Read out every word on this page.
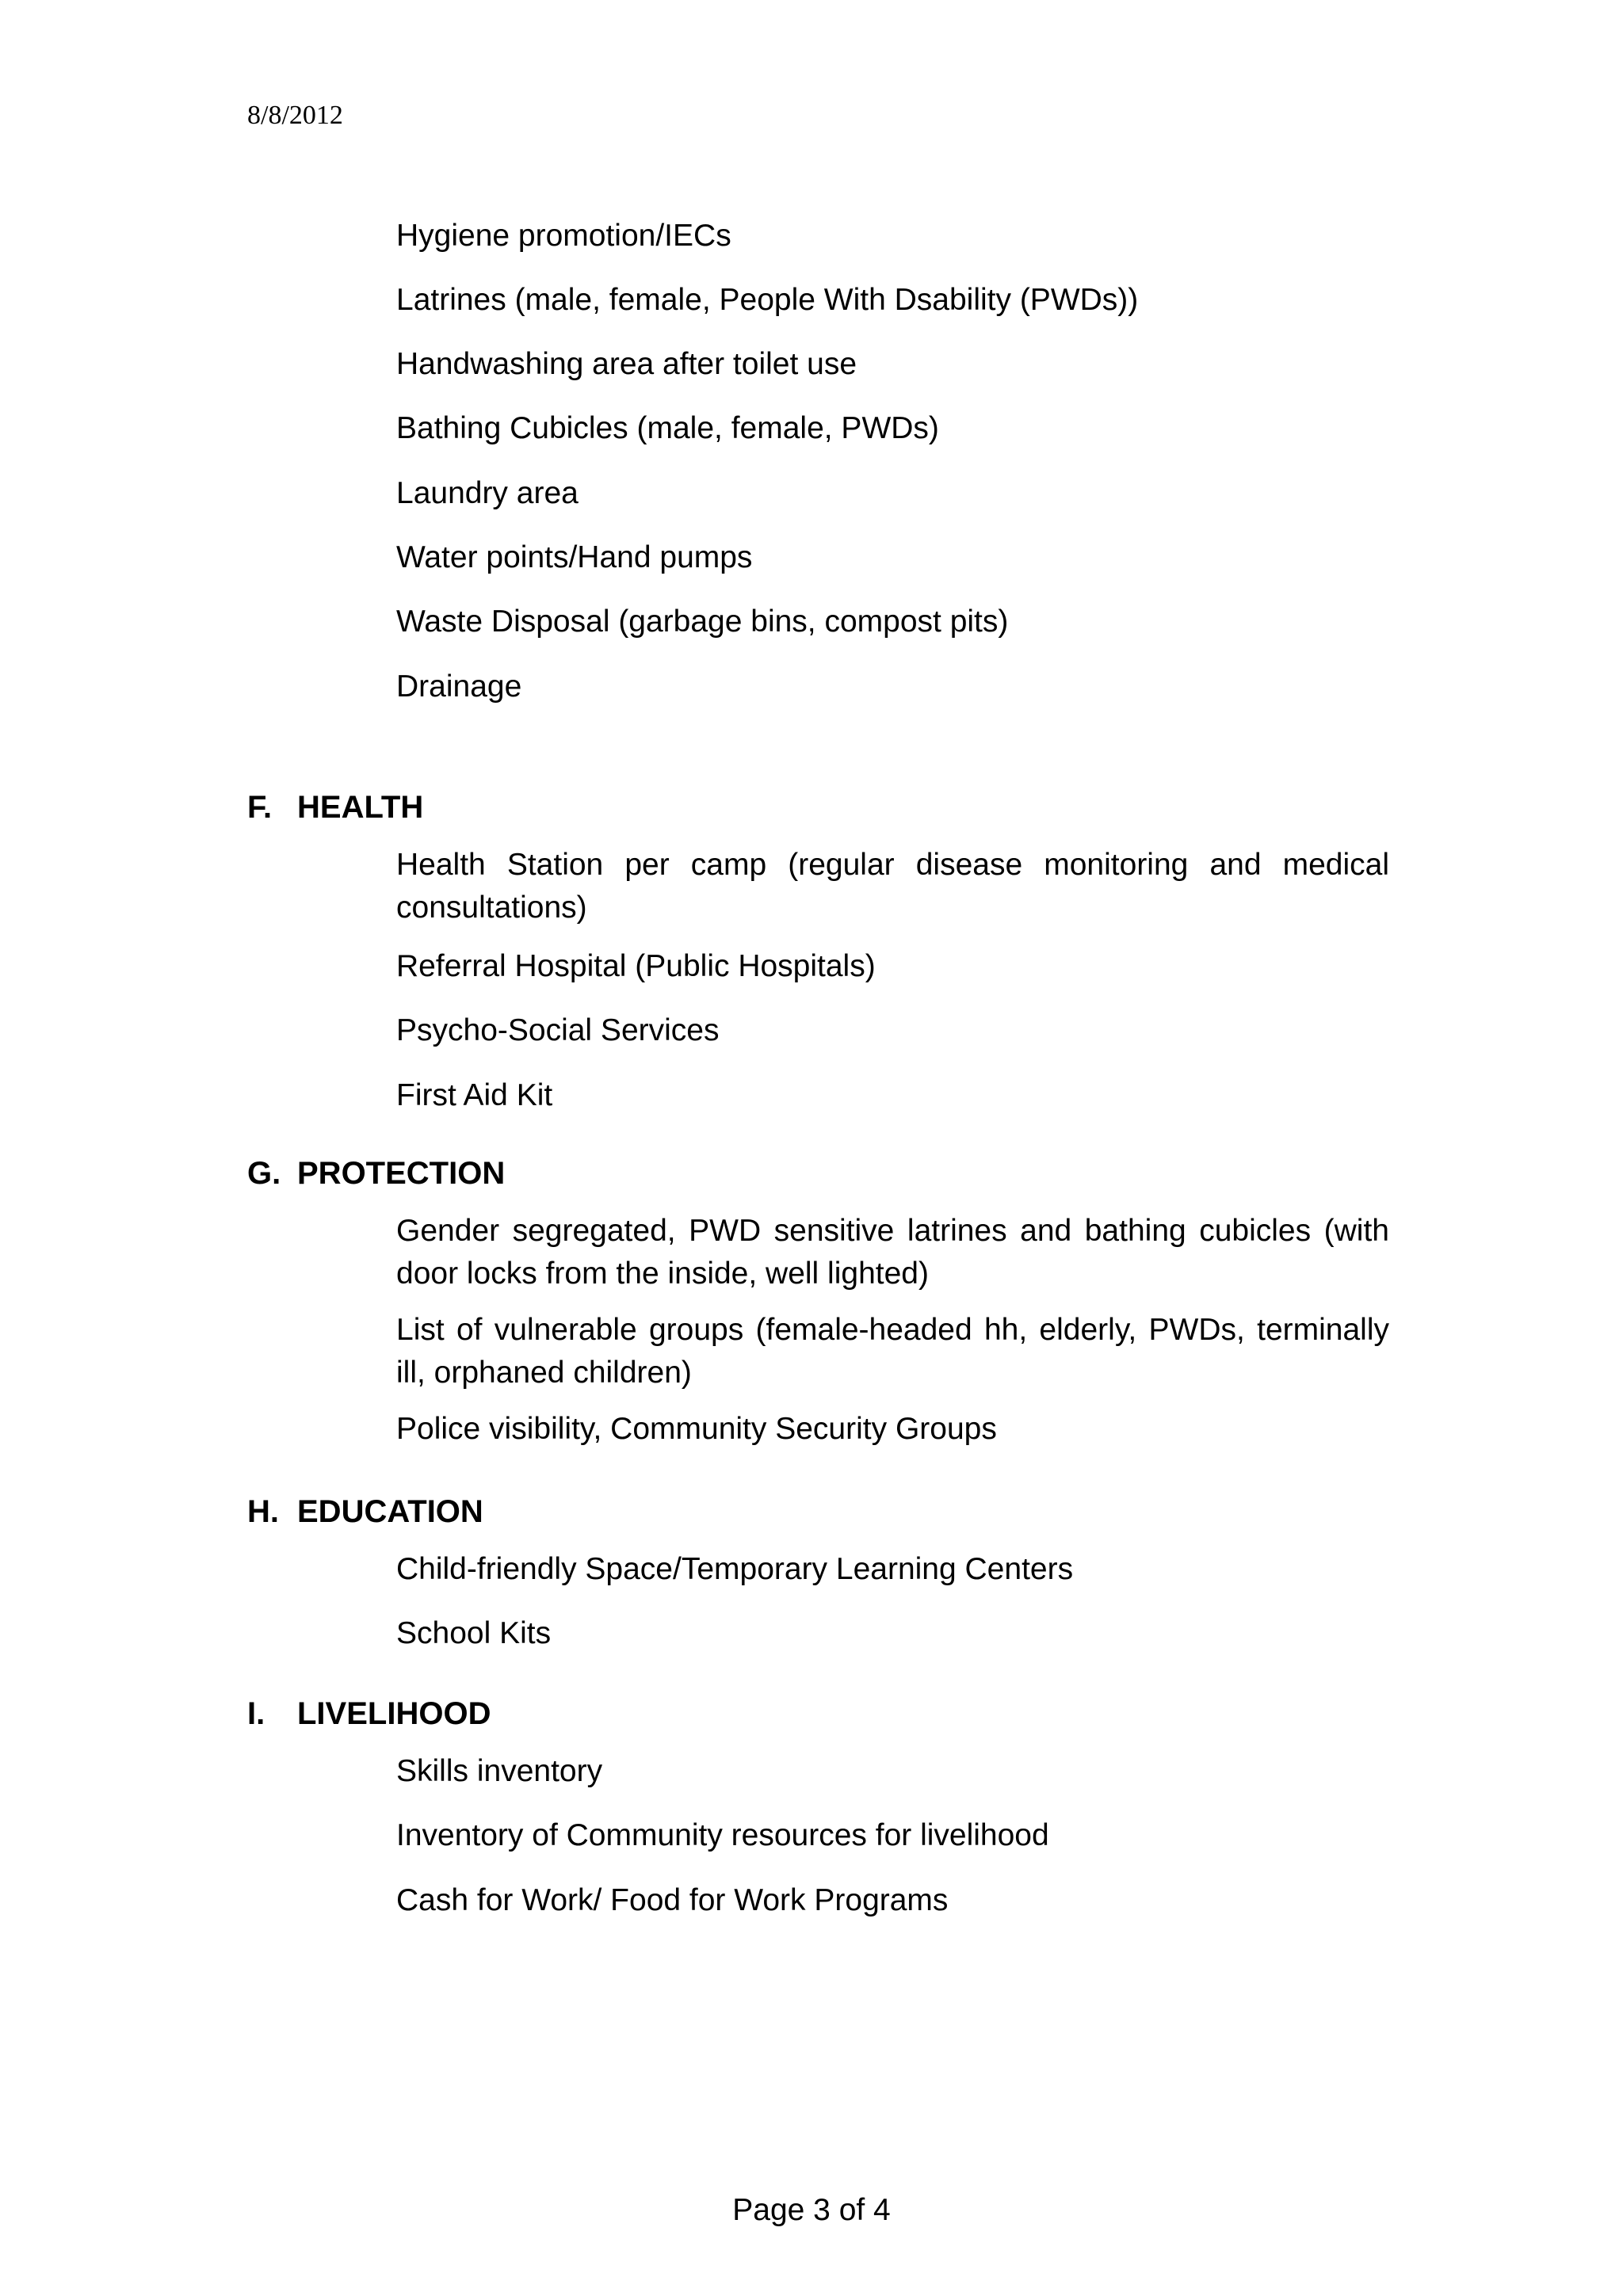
8/8/2012

Hygiene promotion/IECs

Latrines (male, female, People With Dsability (PWDs))

Handwashing area after toilet use

Bathing Cubicles (male, female, PWDs)

Laundry area

Water points/Hand pumps

Waste Disposal (garbage bins, compost pits)

Drainage

F. HEALTH

Health Station per camp (regular disease monitoring and medical consultations)

Referral Hospital (Public Hospitals)

Psycho-Social Services

First Aid Kit

G. PROTECTION

Gender segregated, PWD sensitive latrines and bathing cubicles (with door locks from the inside, well lighted)

List of vulnerable groups (female-headed hh, elderly, PWDs, terminally ill, orphaned children)

Police visibility, Community Security Groups

H. EDUCATION

Child-friendly Space/Temporary Learning Centers

School Kits

I. LIVELIHOOD

Skills inventory

Inventory of Community resources for livelihood

Cash for Work/ Food for Work Programs

Page 3 of 4
